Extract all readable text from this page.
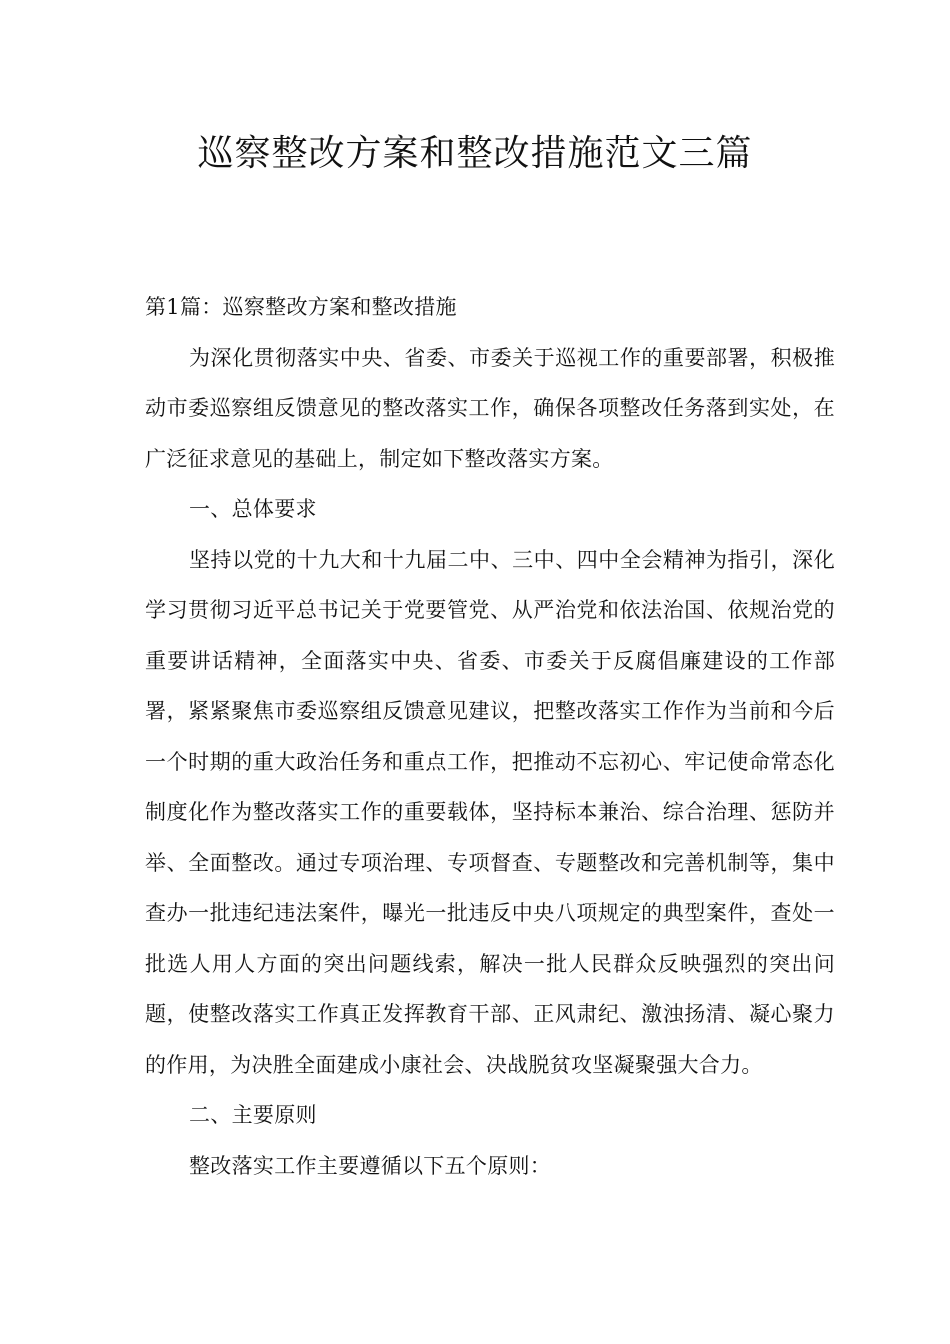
巡察整改方案和整改措施范文三篇

第1篇：巡察整改方案和整改措施

为深化贯彻落实中央、省委、市委关于巡视工作的重要部署，积极推动市委巡察组反馈意见的整改落实工作，确保各项整改任务落到实处，在广泛征求意见的基础上，制定如下整改落实方案。

一、总体要求

坚持以党的十九大和十九届二中、三中、四中全会精神为指引，深化学习贯彻习近平总书记关于党要管党、从严治党和依法治国、依规治党的重要讲话精神，全面落实中央、省委、市委关于反腐倡廉建设的工作部署，紧紧聚焦市委巡察组反馈意见建议，把整改落实工作作为当前和今后一个时期的重大政治任务和重点工作，把推动不忘初心、牢记使命常态化制度化作为整改落实工作的重要载体，坚持标本兼治、综合治理、惩防并举、全面整改。通过专项治理、专项督查、专题整改和完善机制等，集中查办一批违纪违法案件，曝光一批违反中央八项规定的典型案件，查处一批选人用人方面的突出问题线索，解决一批人民群众反映强烈的突出问题，使整改落实工作真正发挥教育干部、正风肃纪、激浊扬清、凝心聚力的作用，为决胜全面建成小康社会、决战脱贫攻坚凝聚强大合力。

二、主要原则

整改落实工作主要遵循以下五个原则：
